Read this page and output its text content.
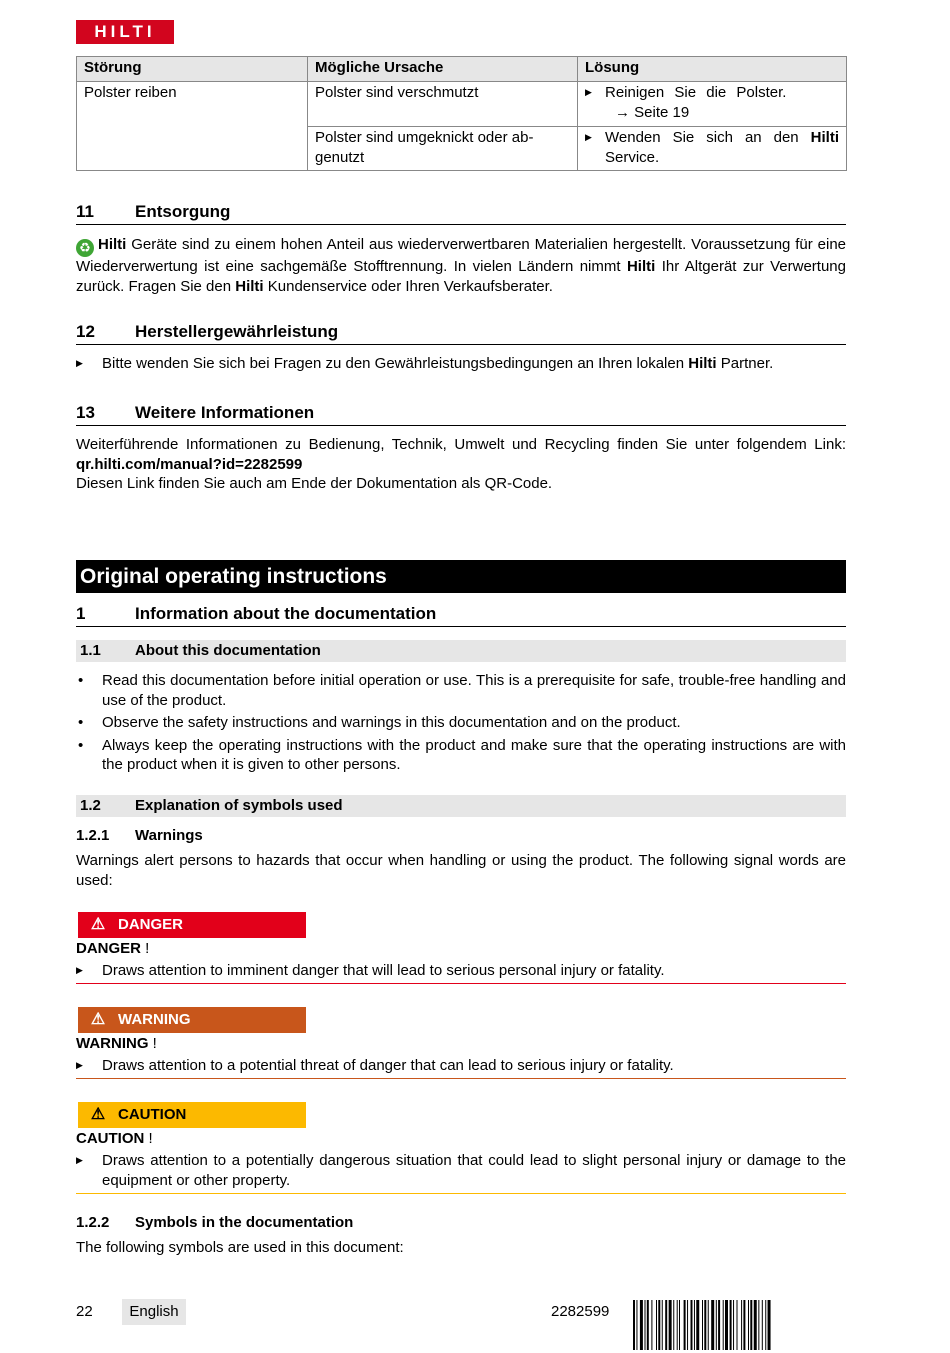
HILTI
Störung	Mögliche Ursache	Lösung
Polster reiben	Polster sind verschmutzt	▶ Reinigen Sie die Polster.
→ Seite 19

	Polster sind umgeknickt oder ab-genutzt	▶ Wenden Sie sich an den Hilti Service.
11 Entsorgung
♻ Hilti Geräte sind zu einem hohen Anteil aus wiederverwertbaren Materialien hergestellt. Voraussetzung für eine Wiederverwertung ist eine sachgemäße Stofftrennung. In vielen Ländern nimmt Hilti Ihr Altgerät zur Verwertung zurück. Fragen Sie den Hilti Kundenservice oder Ihren Verkaufsberater.
12 Herstellergewährleistung
▶	Bitte wenden Sie sich bei Fragen zu den Gewährleistungsbedingungen an Ihren lokalen Hilti Partner.
13 Weitere Informationen
Weiterführende Informationen zu Bedienung, Technik, Umwelt und Recycling finden Sie unter folgendem Link: qr.hilti.com/manual?id=2282599
Diesen Link finden Sie auch am Ende der Dokumentation als QR-Code.
Original operating instructions
1	Information about the documentation
1.1 About this documentation
• Read this documentation before initial operation or use. This is a prerequisite for safe, trouble-free handling and use of the product.
• Observe the safety instructions and warnings in this documentation and on the product.
• Always keep the operating instructions with the product and make sure that the operating instructions are with the product when it is given to other persons.
1.2 Explanation of symbols used
1.2.1 Warnings
Warnings alert persons to hazards that occur when handling or using the product. The following signal words are used:
⚠ DANGER
DANGER !
▶	Draws attention to imminent danger that will lead to serious personal injury or fatality.
⚠ WARNING
WARNING !
▶	Draws attention to a potential threat of danger that can lead to serious injury or fatality.
⚠ CAUTION
CAUTION !
▶	Draws attention to a potentially dangerous situation that could lead to slight personal injury or damage to the equipment or other property.
1.2.2 Symbols in the documentation
The following symbols are used in this document:
22	English	2282599
